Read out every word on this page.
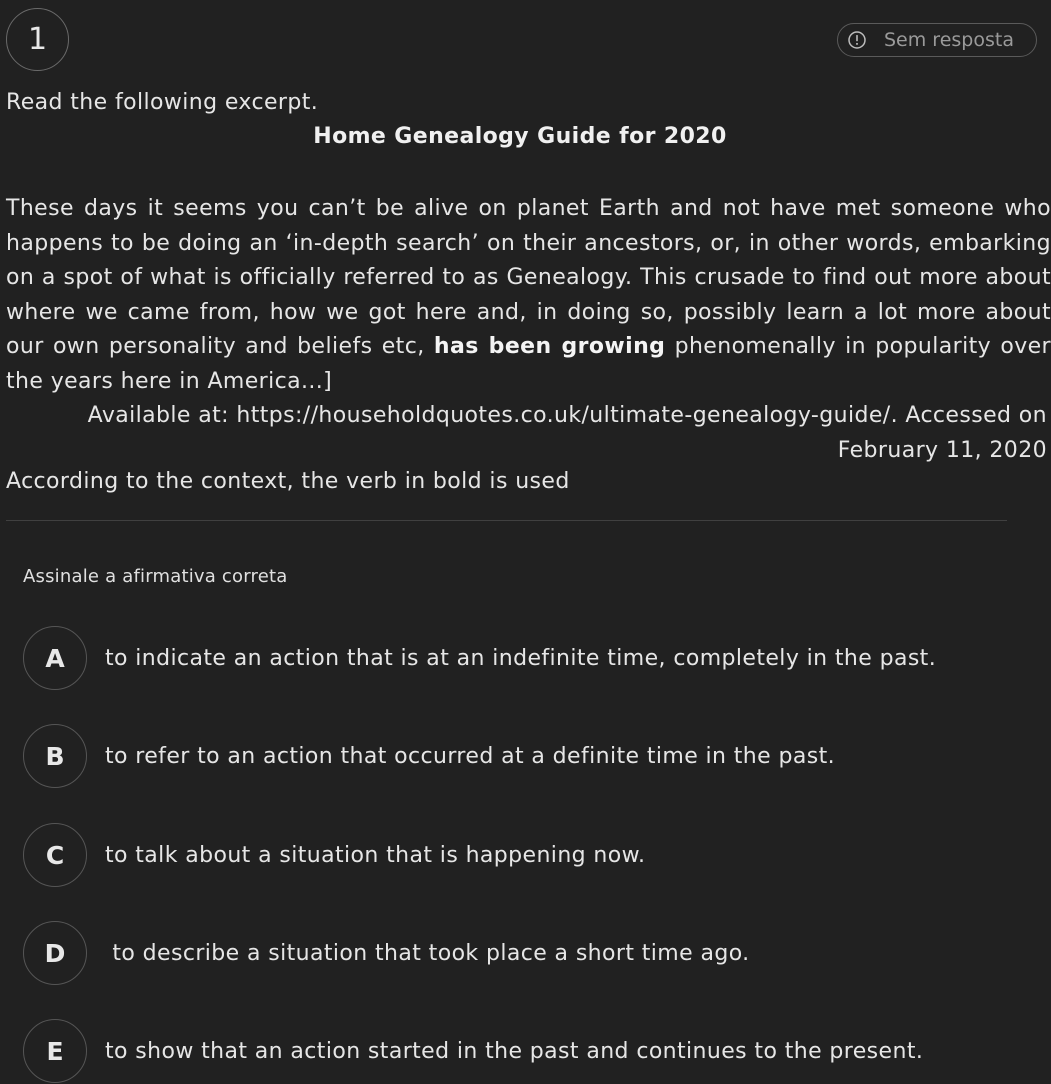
1	Sem resposta
Read the following excerpt.
Home Genealogy Guide for 2020
These days it seems you can’t be alive on planet Earth and not have met someone who happens to be doing an ‘in-depth search’ on their ancestors, or, in other words, embarking on a spot of what is officially referred to as Genealogy. This crusade to find out more about where we came from, how we got here and, in doing so, possibly learn a lot more about our own personality and beliefs etc, has been growing phenomenally in popularity over the years here in America...]
Available at: https://householdquotes.co.uk/ultimate-genealogy-guide/. Accessed on February 11, 2020
According to the context, the verb in bold is used
Assinale a afirmativa correta
A	to indicate an action that is at an indefinite time, completely in the past.
B	to refer to an action that occurred at a definite time in the past.
C	to talk about a situation that is happening now.
D	to describe a situation that took place a short time ago.
E	to show that an action started in the past and continues to the present.
